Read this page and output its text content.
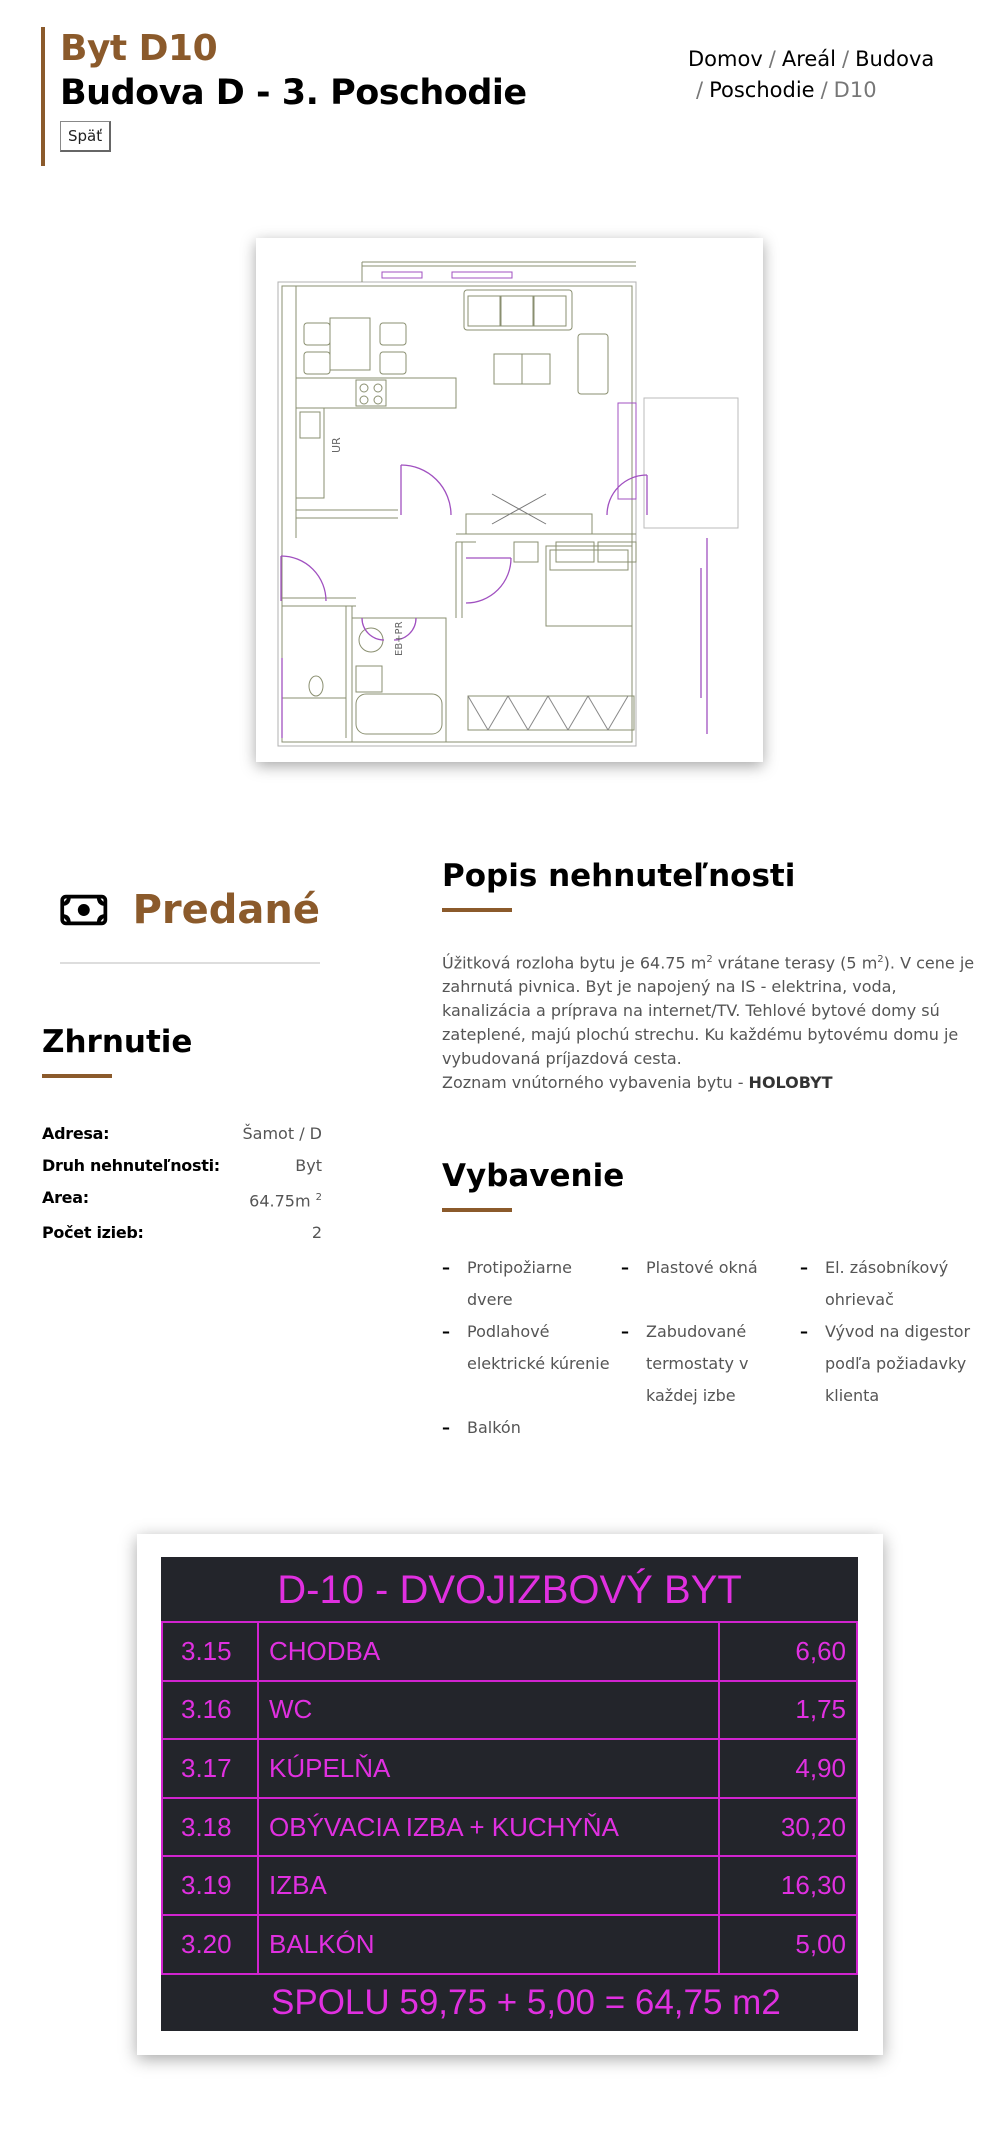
Byt D10
Budova D - 3. Poschodie
Späť
Domov / Areál / Budova
/ Poschodie / D10
UR
EB+PR
Predané
Zhrnutie
Adresa:	Šamot / D
Druh nehnuteľnosti:	Byt
Area:	64.75m $^2$
Počet izieb:	2
Popis nehnuteľnosti
Úžitková rozloha bytu je 64.75 $m^2$ vrátane terasy (5 $m^2$). V cene je zahrnutá pivnica. Byt je napojený na IS - elektrina, voda, kanalizácia a príprava na internet/TV. Tehlové bytové domy sú zateplené, majú plochú strechu. Ku každému bytovému domu je vybudovaná príjazdová cesta.
Zoznam vnútorného vybavenia bytu - HOLOBYT
Vybavenie
–	Protipožiarne dvere
–	Plastové okná	–	El. zásobníkový ohrievač
–	Podlahové elektrické kúrenie
–	Zabudované termostaty v každej izbe
–	Vývod na digestor podľa požiadavky klienta
–	Balkón
D-10 - DVOJIZBOVÝ BYT
3.15	CHODBA	6,60
3.16	WC	1,75
3.17	KÚPELŇA	4,90
3.18	OBÝVACIA IZBA + KUCHYŇA	30,20
3.19	IZBA	16,30
3.20	BALKÓN	5,00
SPOLU 59,75 + 5,00 = 64,75 m2
